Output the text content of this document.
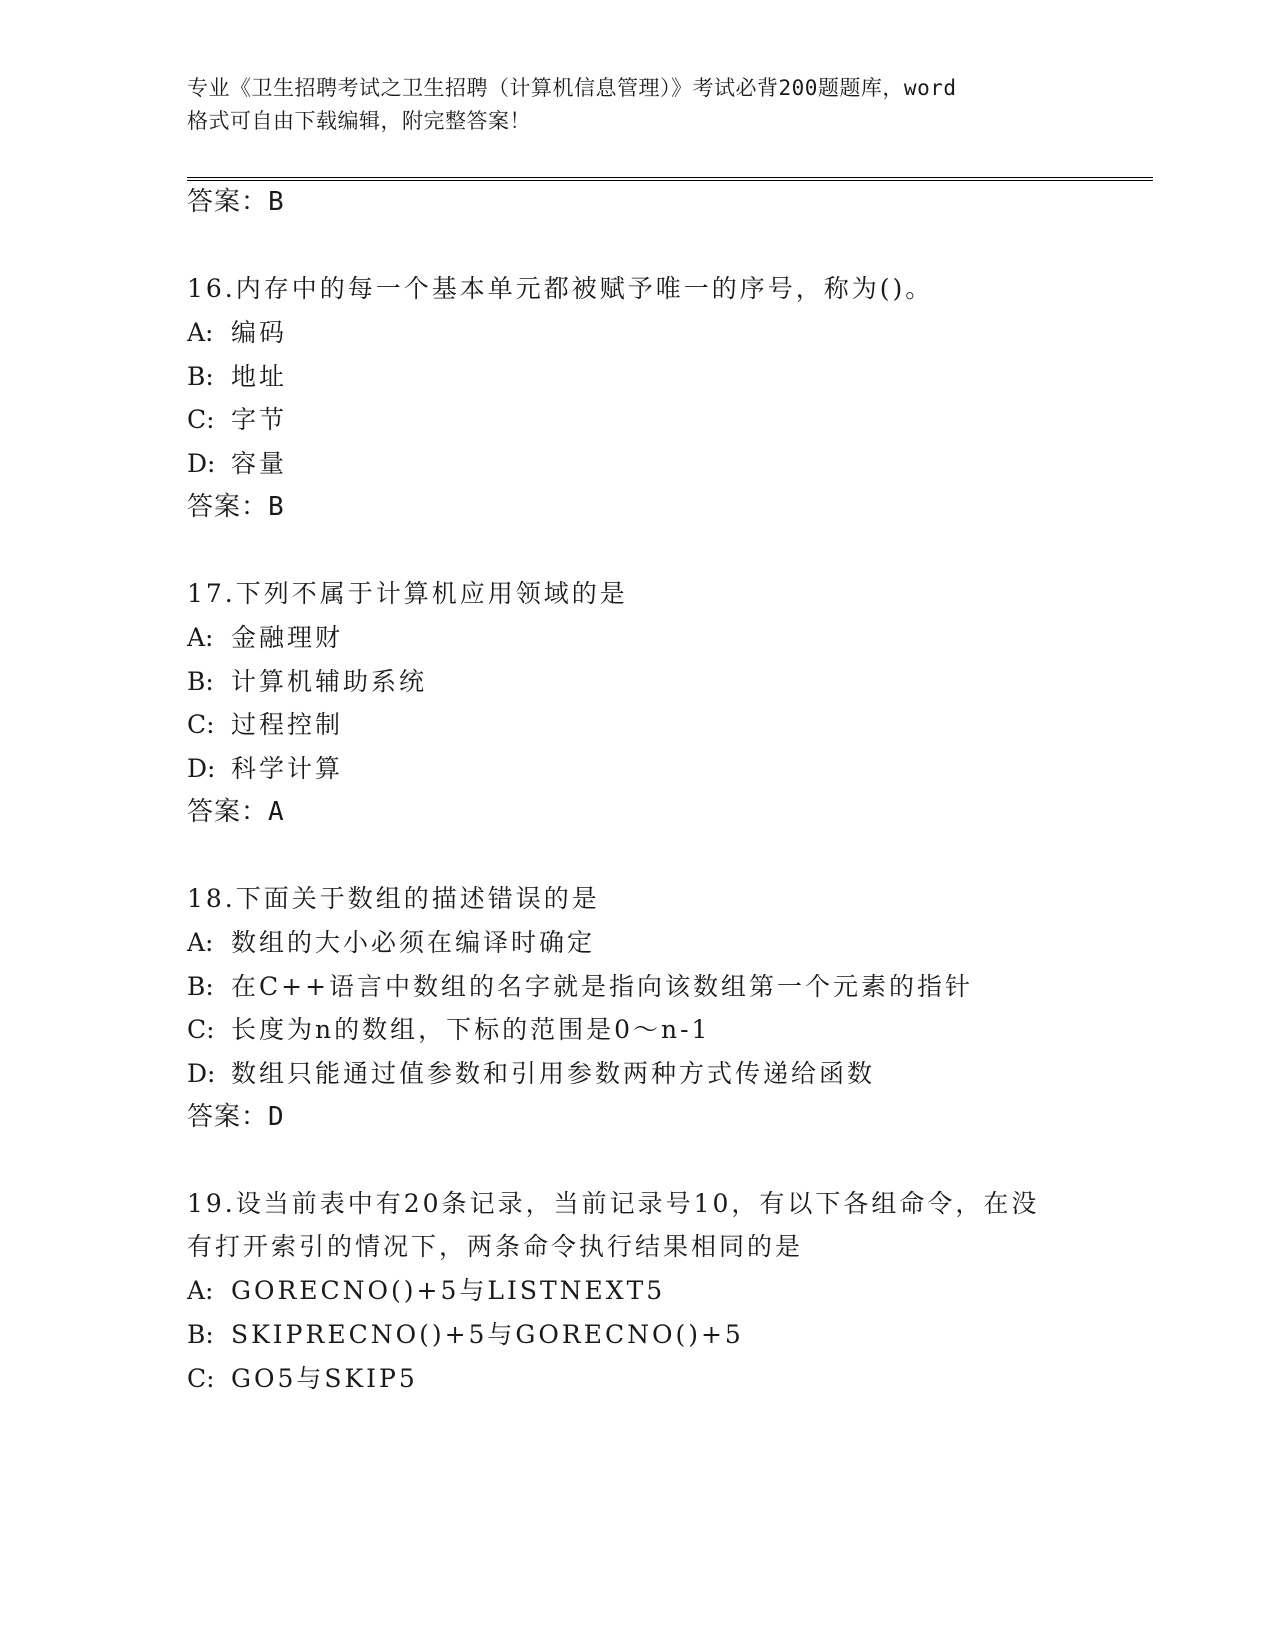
专业《卫生招聘考试之卫生招聘（计算机信息管理）》考试必背200题题库，word
格式可自由下载编辑，附完整答案！
答案：B
16.内存中的每一个基本单元都被赋予唯一的序号，称为()。
A: 编码
B: 地址
C: 字节
D: 容量
答案：B
17.下列不属于计算机应用领域的是
A: 金融理财
B: 计算机辅助系统
C: 过程控制
D: 科学计算
答案：A
18.下面关于数组的描述错误的是
A: 数组的大小必须在编译时确定
B: 在C++语言中数组的名字就是指向该数组第一个元素的指针
C: 长度为n的数组，下标的范围是0～n-1
D: 数组只能通过值参数和引用参数两种方式传递给函数
答案：D
19.设当前表中有20条记录，当前记录号10，有以下各组命令，在没
有打开索引的情况下，两条命令执行结果相同的是
A: GORECNO()+5与LISTNEXT5
B: SKIPRECNO()+5与GORECNO()+5
C: GO5与SKIP5
